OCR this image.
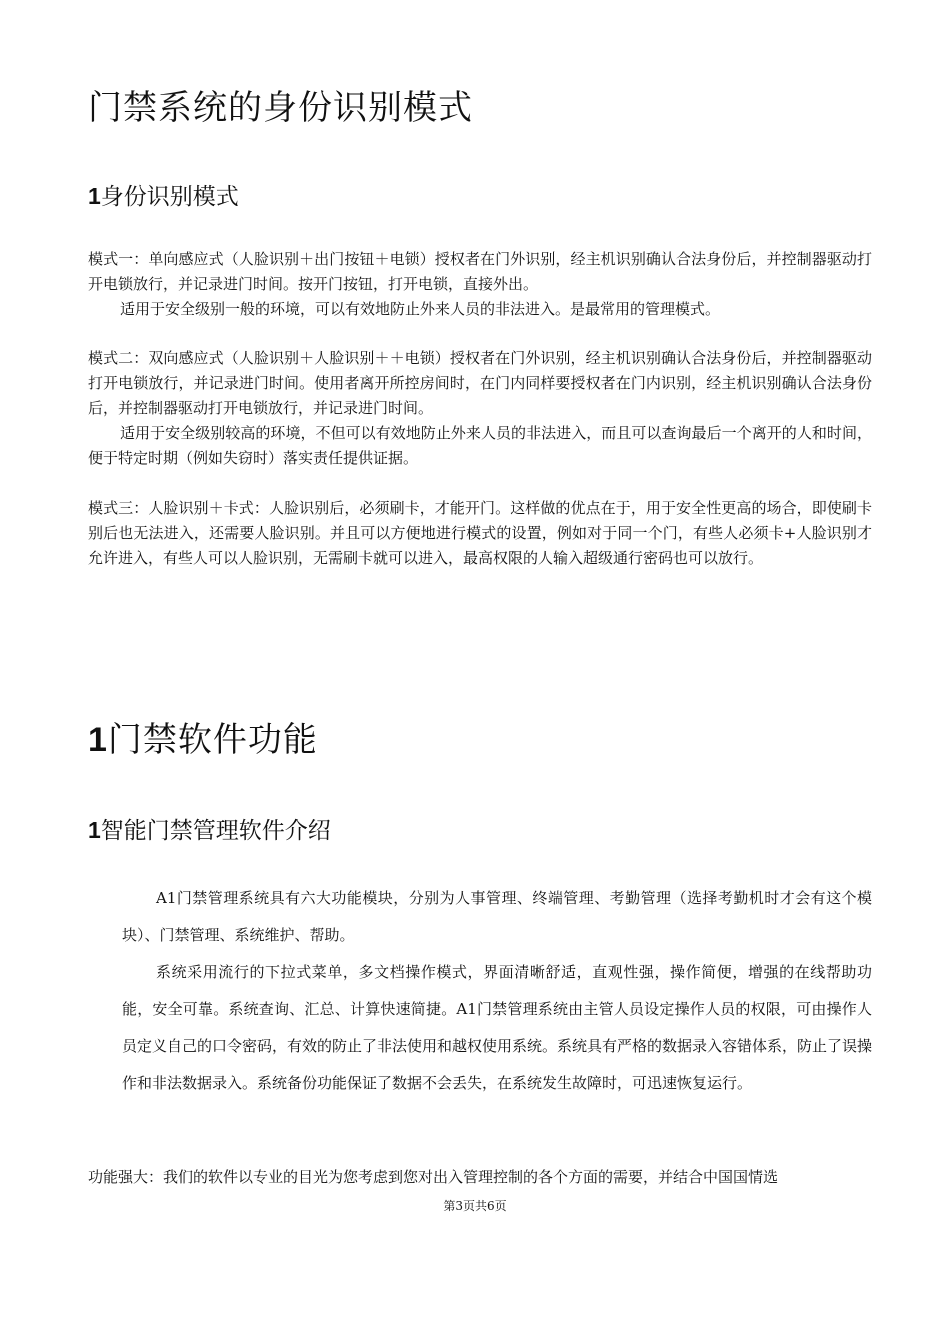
门禁系统的身份识别模式
1身份识别模式

模式一：单向感应式（人脸识别＋出门按钮＋电锁）授权者在门外识别，经主机识别确认合法身份后，并控制器驱动打开电锁放行，并记录进门时间。按开门按钮，打开电锁，直接外出。

适用于安全级别一般的环境，可以有效地防止外来人员的非法进入。是最常用的管理模式。

模式二：双向感应式（人脸识别＋人脸识别＋＋电锁）授权者在门外识别，经主机识别确认合法身份后，并控制器驱动打开电锁放行，并记录进门时间。使用者离开所控房间时，在门内同样要授权者在门内识别，经主机识别确认合法身份后，并控制器驱动打开电锁放行，并记录进门时间。

适用于安全级别较高的环境，不但可以有效地防止外来人员的非法进入，而且可以查询最后一个离开的人和时间，便于特定时期（例如失窃时）落实责任提供证据。

模式三：人脸识别＋卡式：人脸识别后，必须刷卡，才能开门。这样做的优点在于，用于安全性更高的场合，即使刷卡别后也无法进入，还需要人脸识别。并且可以方便地进行模式的设置，例如对于同一个门，有些人必须卡+人脸识别才允许进入，有些人可以人脸识别，无需刷卡就可以进入，最高权限的人输入超级通行密码也可以放行。

1门禁软件功能
1智能门禁管理软件介绍

A1门禁管理系统具有六大功能模块，分别为人事管理、终端管理、考勤管理（选择考勤机时才会有这个模块）、门禁管理、系统维护、帮助。

系统采用流行的下拉式菜单，多文档操作模式，界面清晰舒适，直观性强，操作简便，增强的在线帮助功能，安全可靠。系统查询、汇总、计算快速简捷。A1门禁管理系统由主管人员设定操作人员的权限，可由操作人员定义自己的口令密码，有效的防止了非法使用和越权使用系统。系统具有严格的数据录入容错体系，防止了误操作和非法数据录入。系统备份功能保证了数据不会丢失，在系统发生故障时，可迅速恢复运行。

功能强大：我们的软件以专业的目光为您考虑到您对出入管理控制的各个方面的需要，并结合中国国情选

第3页共6页
